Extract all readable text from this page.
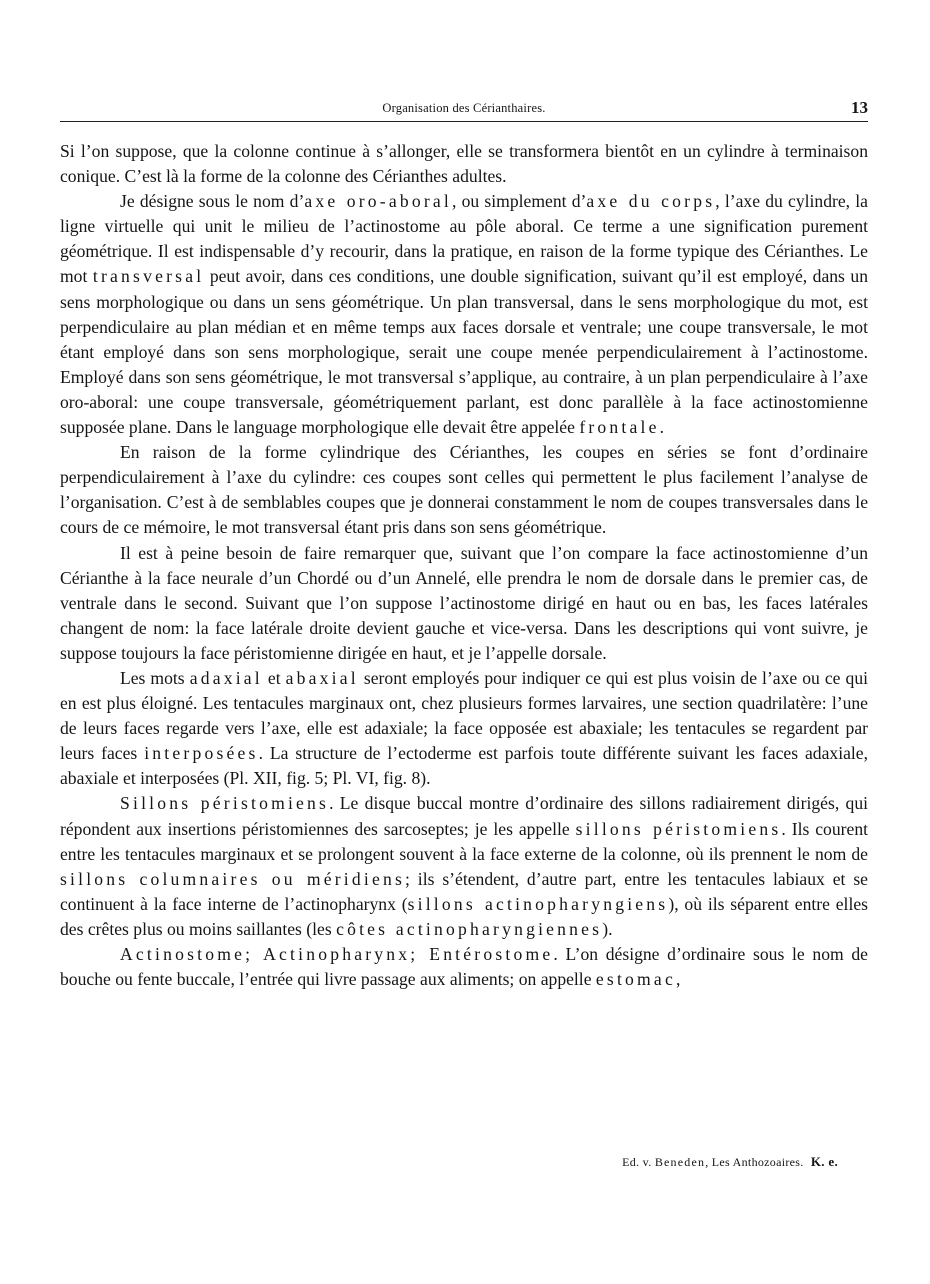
Organisation des Cérianthaires.	13

Si l’on suppose, que la colonne continue à s’allonger, elle se transformera bientôt en un cylindre à terminaison conique. C’est là la forme de la colonne des Cérianthes adultes.

Je désigne sous le nom d’axe oro-aboral, ou simplement d’axe du corps, l’axe du cylindre, la ligne virtuelle qui unit le milieu de l’actinostome au pôle aboral. Ce terme a une signification purement géométrique. Il est indispensable d’y recourir, dans la pratique, en raison de la forme typique des Cérianthes. Le mot transversal peut avoir, dans ces conditions, une double signification, suivant qu’il est employé, dans un sens morphologique ou dans un sens géométrique. Un plan transversal, dans le sens morphologique du mot, est perpendiculaire au plan médian et en même temps aux faces dorsale et ventrale; une coupe transversale, le mot étant employé dans son sens morphologique, serait une coupe menée perpendiculairement à l’actinostome. Employé dans son sens géométrique, le mot transversal s’applique, au contraire, à un plan perpendiculaire à l’axe oro-aboral: une coupe transversale, géométriquement parlant, est donc parallèle à la face actinostomienne supposée plane. Dans le language morphologique elle devait être appelée frontale.

En raison de la forme cylindrique des Cérianthes, les coupes en séries se font d’ordinaire perpendiculairement à l’axe du cylindre: ces coupes sont celles qui permettent le plus facilement l’analyse de l’organisation. C’est à de semblables coupes que je donnerai constamment le nom de coupes transversales dans le cours de ce mémoire, le mot transversal étant pris dans son sens géométrique.

Il est à peine besoin de faire remarquer que, suivant que l’on compare la face actinostomienne d’un Cérianthe à la face neurale d’un Chordé ou d’un Annelé, elle prendra le nom de dorsale dans le premier cas, de ventrale dans le second. Suivant que l’on suppose l’actinostome dirigé en haut ou en bas, les faces latérales changent de nom: la face latérale droite devient gauche et vice-versa. Dans les descriptions qui vont suivre, je suppose toujours la face péristomienne dirigée en haut, et je l’appelle dorsale.

Les mots adaxial et abaxial seront employés pour indiquer ce qui est plus voisin de l’axe ou ce qui en est plus éloigné. Les tentacules marginaux ont, chez plusieurs formes larvaires, une section quadrilatère: l’une de leurs faces regarde vers l’axe, elle est adaxiale; la face opposée est abaxiale; les tentacules se regardent par leurs faces interposées. La structure de l’ectoderme est parfois toute différente suivant les faces adaxiale, abaxiale et interposées (Pl. XII, fig. 5; Pl. VI, fig. 8).

Sillons péristomiens. Le disque buccal montre d’ordinaire des sillons radiairement dirigés, qui répondent aux insertions péristomiennes des sarcoseptes; je les appelle sillons péristomiens. Ils courent entre les tentacules marginaux et se prolongent souvent à la face externe de la colonne, où ils prennent le nom de sillons columnaires ou méridiens; ils s’étendent, d’autre part, entre les tentacules labiaux et se continuent à la face interne de l’actinopharynx (sillons actinopharyngiens), où ils séparent entre elles des crêtes plus ou moins saillantes (les côtes actinopharyngiennes).

Actinostome; Actinopharynx; Entérostome. L’on désigne d’ordinaire sous le nom de bouche ou fente buccale, l’entrée qui livre passage aux aliments; on appelle estomac,

Ed. v. Beneden, Les Anthozoaires. K. e.
